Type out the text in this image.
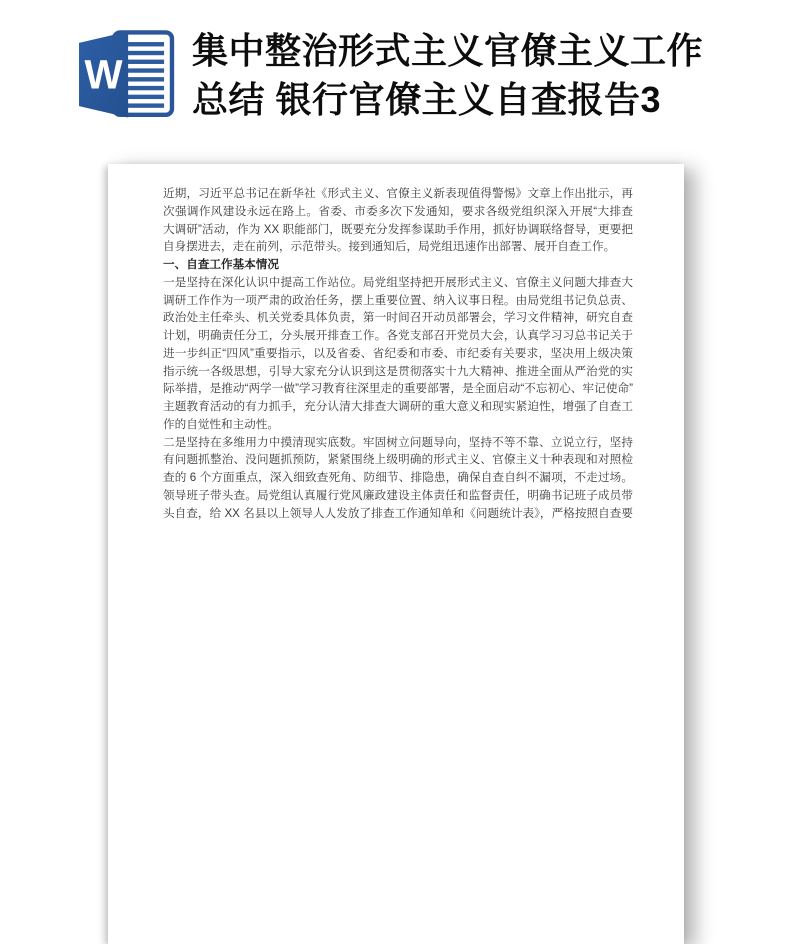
W
集中整治形式主义官僚主义工作
总结 银行官僚主义自查报告3
近期，习近平总书记在新华社《形式主义、官僚主义新表现值得警惕》文章上作出批示，再
次强调作风建设永远在路上。省委、市委多次下发通知，要求各级党组织深入开展“大排查
大调研”活动，作为 XX 职能部门，既要充分发挥参谋助手作用，抓好协调联络督导，更要把
自身摆进去，走在前列，示范带头。接到通知后，局党组迅速作出部署、展开自查工作。
一、自查工作基本情况
一是坚持在深化认识中提高工作站位。局党组坚持把开展形式主义、官僚主义问题大排查大
调研工作作为一项严肃的政治任务，摆上重要位置、纳入议事日程。由局党组书记负总责、
政治处主任牵头、机关党委具体负责，第一时间召开动员部署会，学习文件精神，研究自查
计划，明确责任分工，分头展开排查工作。各党支部召开党员大会，认真学习习总书记关于
进一步纠正“四风”重要指示，以及省委、省纪委和市委、市纪委有关要求，坚决用上级决策
指示统一各级思想，引导大家充分认识到这是贯彻落实十九大精神、推进全面从严治党的实
际举措，是推动“两学一做”学习教育往深里走的重要部署，是全面启动“不忘初心、牢记使命”
主题教育活动的有力抓手，充分认清大排查大调研的重大意义和现实紧迫性，增强了自查工
作的自觉性和主动性。
二是坚持在多维用力中摸清现实底数。牢固树立问题导向，坚持不等不靠、立说立行，坚持
有问题抓整治、没问题抓预防，紧紧围绕上级明确的形式主义、官僚主义十种表现和对照检
查的 6 个方面重点，深入细致查死角、防细节、排隐患，确保自查自纠不漏项，不走过场。
领导班子带头查。局党组认真履行党风廉政建设主体责任和监督责任，明确书记班子成员带
头自查，给 XX 名县以上领导人人发放了排查工作通知单和《问题统计表》，严格按照自查要
